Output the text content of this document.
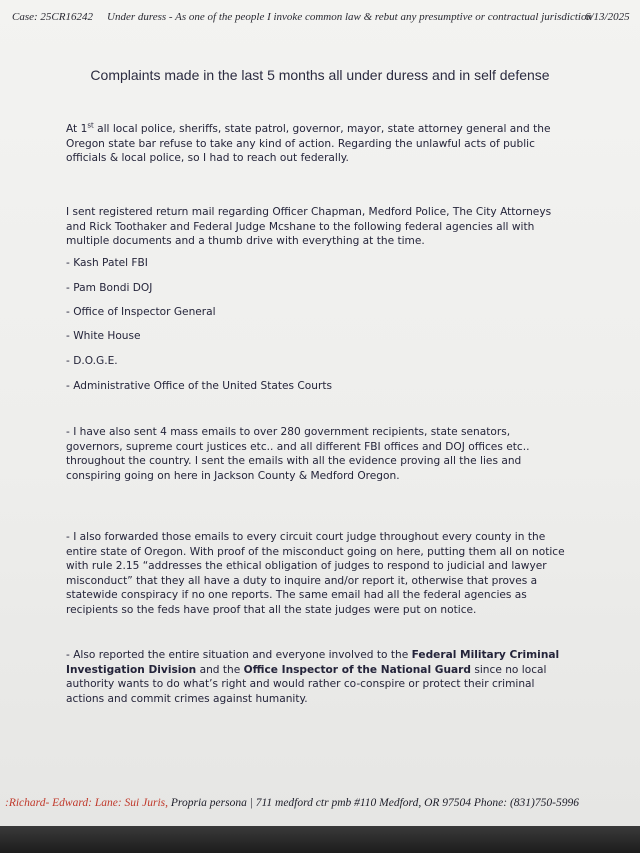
Case: 25CR16242 Under duress - As one of the people I invoke common law & rebut any presumptive or contractual jurisdiction
6/13/2025
Complaints made in the last 5 months all under duress and in self defense
At 1st all local police, sheriffs, state patrol, governor, mayor, state attorney general and the Oregon state bar refuse to take any kind of action. Regarding the unlawful acts of public officials & local police, so I had to reach out federally.
I sent registered return mail regarding Officer Chapman, Medford Police, The City Attorneys and Rick Toothaker and Federal Judge Mcshane to the following federal agencies all with multiple documents and a thumb drive with everything at the time.
- Kash Patel FBI
- Pam Bondi DOJ
- Office of Inspector General
- White House
- D.O.G.E.
- Administrative Office of the United States Courts
- I have also sent 4 mass emails to over 280 government recipients, state senators, governors, supreme court justices etc.. and all different FBI offices and DOJ offices etc.. throughout the country. I sent the emails with all the evidence proving all the lies and conspiring going on here in Jackson County & Medford Oregon.
- I also forwarded those emails to every circuit court judge throughout every county in the entire state of Oregon. With proof of the misconduct going on here, putting them all on notice with rule 2.15 “addresses the ethical obligation of judges to respond to judicial and lawyer misconduct” that they all have a duty to inquire and/or report it, otherwise that proves a statewide conspiracy if no one reports. The same email had all the federal agencies as recipients so the feds have proof that all the state judges were put on notice.
- Also reported the entire situation and everyone involved to the Federal Military Criminal Investigation Division and the Office Inspector of the National Guard since no local authority wants to do what’s right and would rather co-conspire or protect their criminal actions and commit crimes against humanity.
:Richard- Edward: Lane: Sui Juris, Propria persona | 711 medford ctr pmb #110 Medford, OR 97504 Phone: (831)750-5996
